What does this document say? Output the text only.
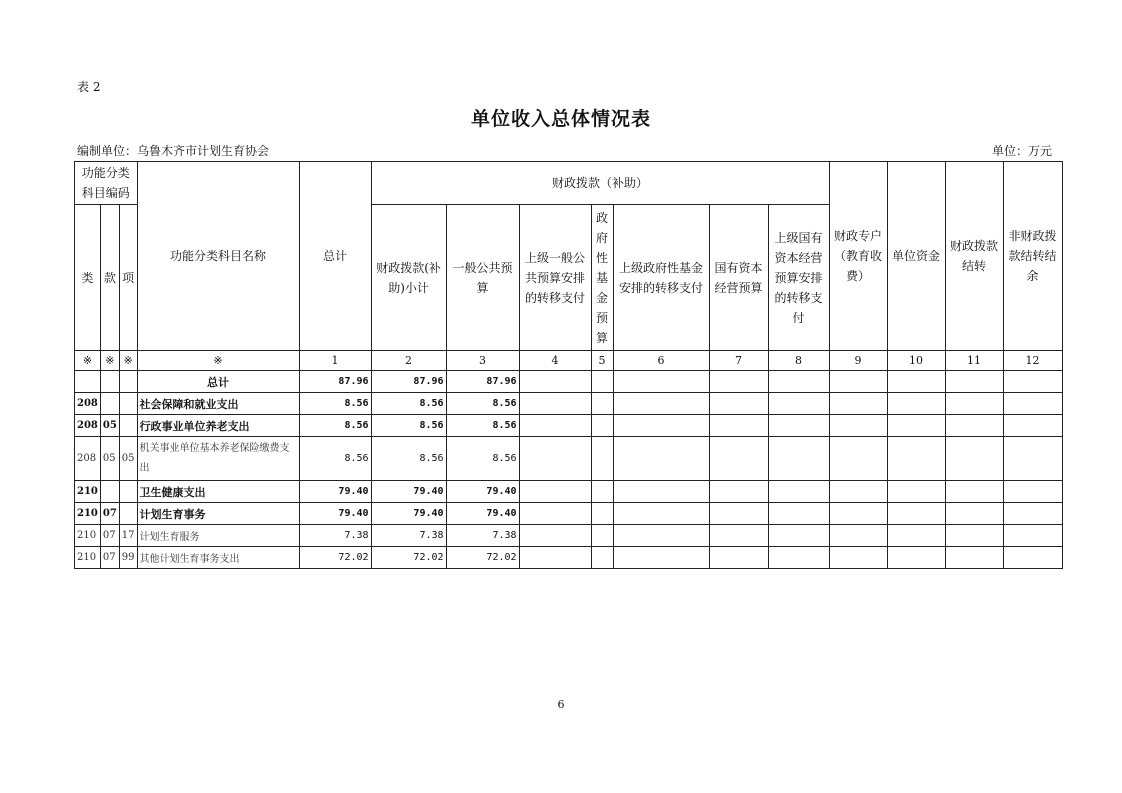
表 2
单位收入总体情况表
编制单位：乌鲁木齐市计划生育协会	单位：万元
功能分类科目编码			功能分类科目名称	总计	财政拨款（补助）							财政专户（教育收费）	单位资金	财政拨款结转	非财政拨款结转结余
类	款	项			财政拨款(补助)小计	一般公共预算	上级一般公共预算安排的转移支付	政府性基金预算	上级政府性基金安排的转移支付	国有资本经营预算	上级国有资本经营预算安排的转移支付				
※	※	※	※	1	2	3	4	5	6	7	8	9	10	11	12
			总计	87.96	87.96	87.96									
208			社会保障和就业支出	8.56	8.56	8.56									
208	05		行政事业单位养老支出	8.56	8.56	8.56									
208	05	05	机关事业单位基本养老保险缴费支出	8.56	8.56	8.56									
210			卫生健康支出	79.40	79.40	79.40									
210	07		计划生育事务	79.40	79.40	79.40									
210	07	17	计划生育服务	7.38	7.38	7.38									
210	07	99	其他计划生育事务支出	72.02	72.02	72.02									
6
